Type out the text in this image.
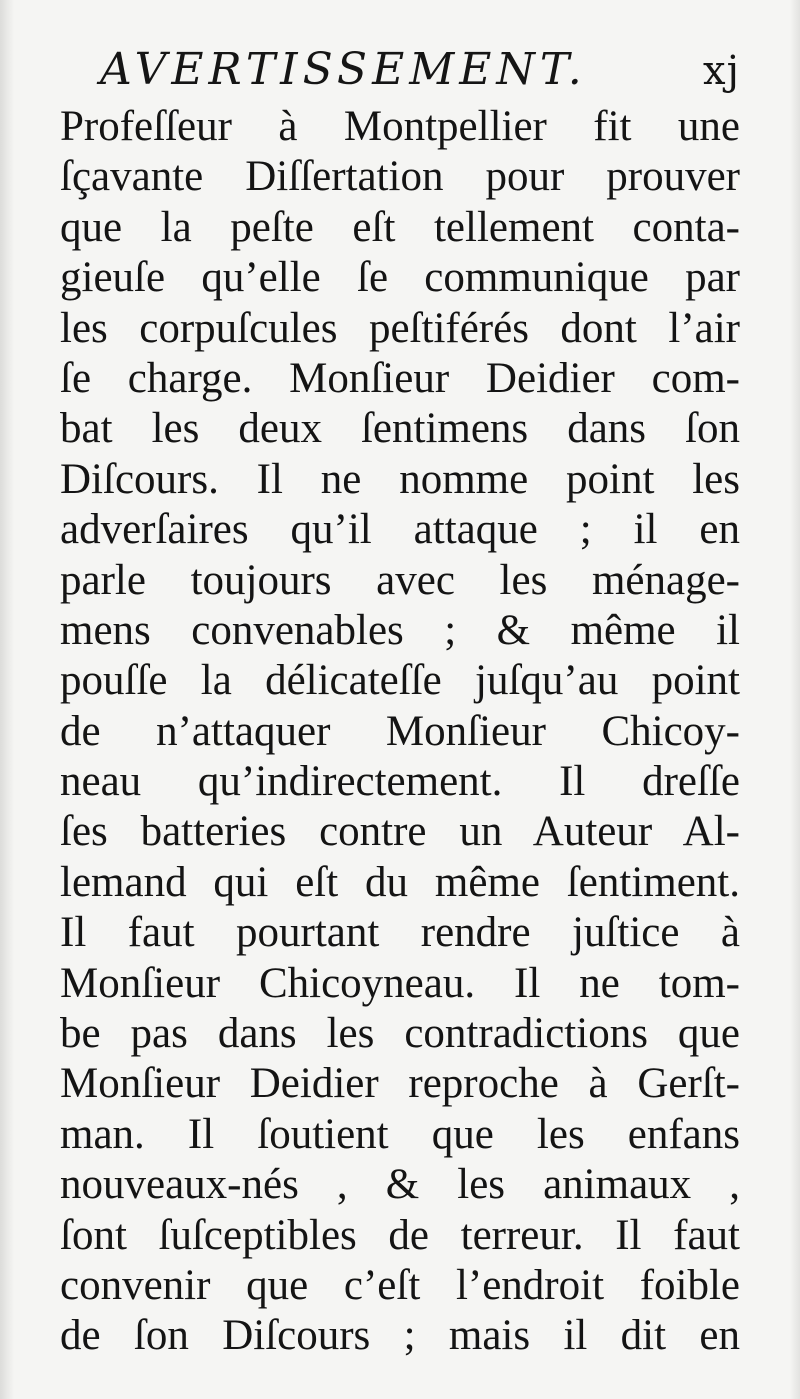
AVERTISSEMENT.	xj
Profeſſeur à Montpellier fit une
ſçavante Diſſertation pour prouver
que la peſte eſt tellement conta-
gieuſe qu’elle ſe communique par
les corpuſcules peſtiférés dont l’air
ſe charge. Monſieur Deidier com-
bat les deux ſentimens dans ſon
Diſcours. Il ne nomme point les
adverſaires qu’il attaque ; il en
parle toujours avec les ménage-
mens convenables ; & même il
pouſſe la délicateſſe juſqu’au point
de n’attaquer Monſieur Chicoy-
neau qu’indirectement. Il dreſſe
ſes batteries contre un Auteur Al-
lemand qui eſt du même ſentiment.
Il faut pourtant rendre juſtice à
Monſieur Chicoyneau. Il ne tom-
be pas dans les contradictions que
Monſieur Deidier reproche à Gerſt-
man. Il ſoutient que les enfans
nouveaux-nés , & les animaux ,
ſont ſuſceptibles de terreur. Il faut
convenir que c’eſt l’endroit foible
de ſon Diſcours ; mais il dit en
